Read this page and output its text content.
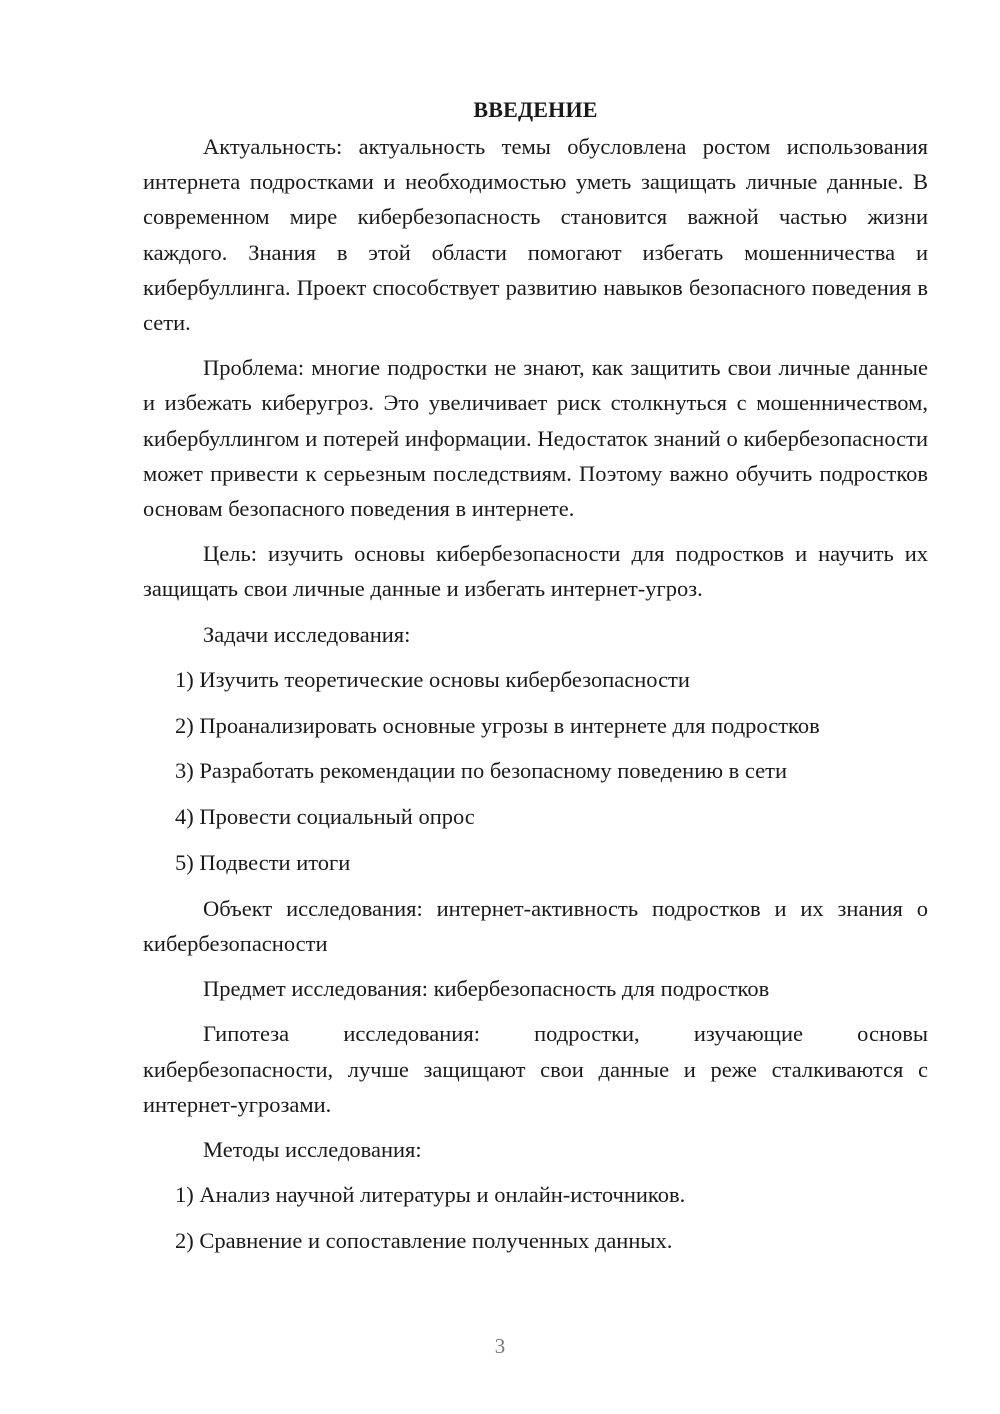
ВВЕДЕНИЕ

Актуальность: актуальность темы обусловлена ростом использования интернета подростками и необходимостью уметь защищать личные данные. В современном мире кибербезопасность становится важной частью жизни каждого. Знания в этой области помогают избегать мошенничества и кибербуллинга. Проект способствует развитию навыков безопасного поведения в сети.

Проблема: многие подростки не знают, как защитить свои личные данные и избежать киберугроз. Это увеличивает риск столкнуться с мошенничеством, кибербуллингом и потерей информации. Недостаток знаний о кибербезопасности может привести к серьезным последствиям. Поэтому важно обучить подростков основам безопасного поведения в интернете.

Цель: изучить основы кибербезопасности для подростков и научить их защищать свои личные данные и избегать интернет-угроз.

Задачи исследования:

1) Изучить теоретические основы кибербезопасности
2) Проанализировать основные угрозы в интернете для подростков
3) Разработать рекомендации по безопасному поведению в сети
4) Провести социальный опрос
5) Подвести итоги

Объект исследования: интернет-активность подростков и их знания о кибербезопасности

Предмет исследования: кибербезопасность для подростков

Гипотеза исследования: подростки, изучающие основы кибербезопасности, лучше защищают свои данные и реже сталкиваются с интернет-угрозами.

Методы исследования:

1) Анализ научной литературы и онлайн-источников.
2) Сравнение и сопоставление полученных данных.
3
